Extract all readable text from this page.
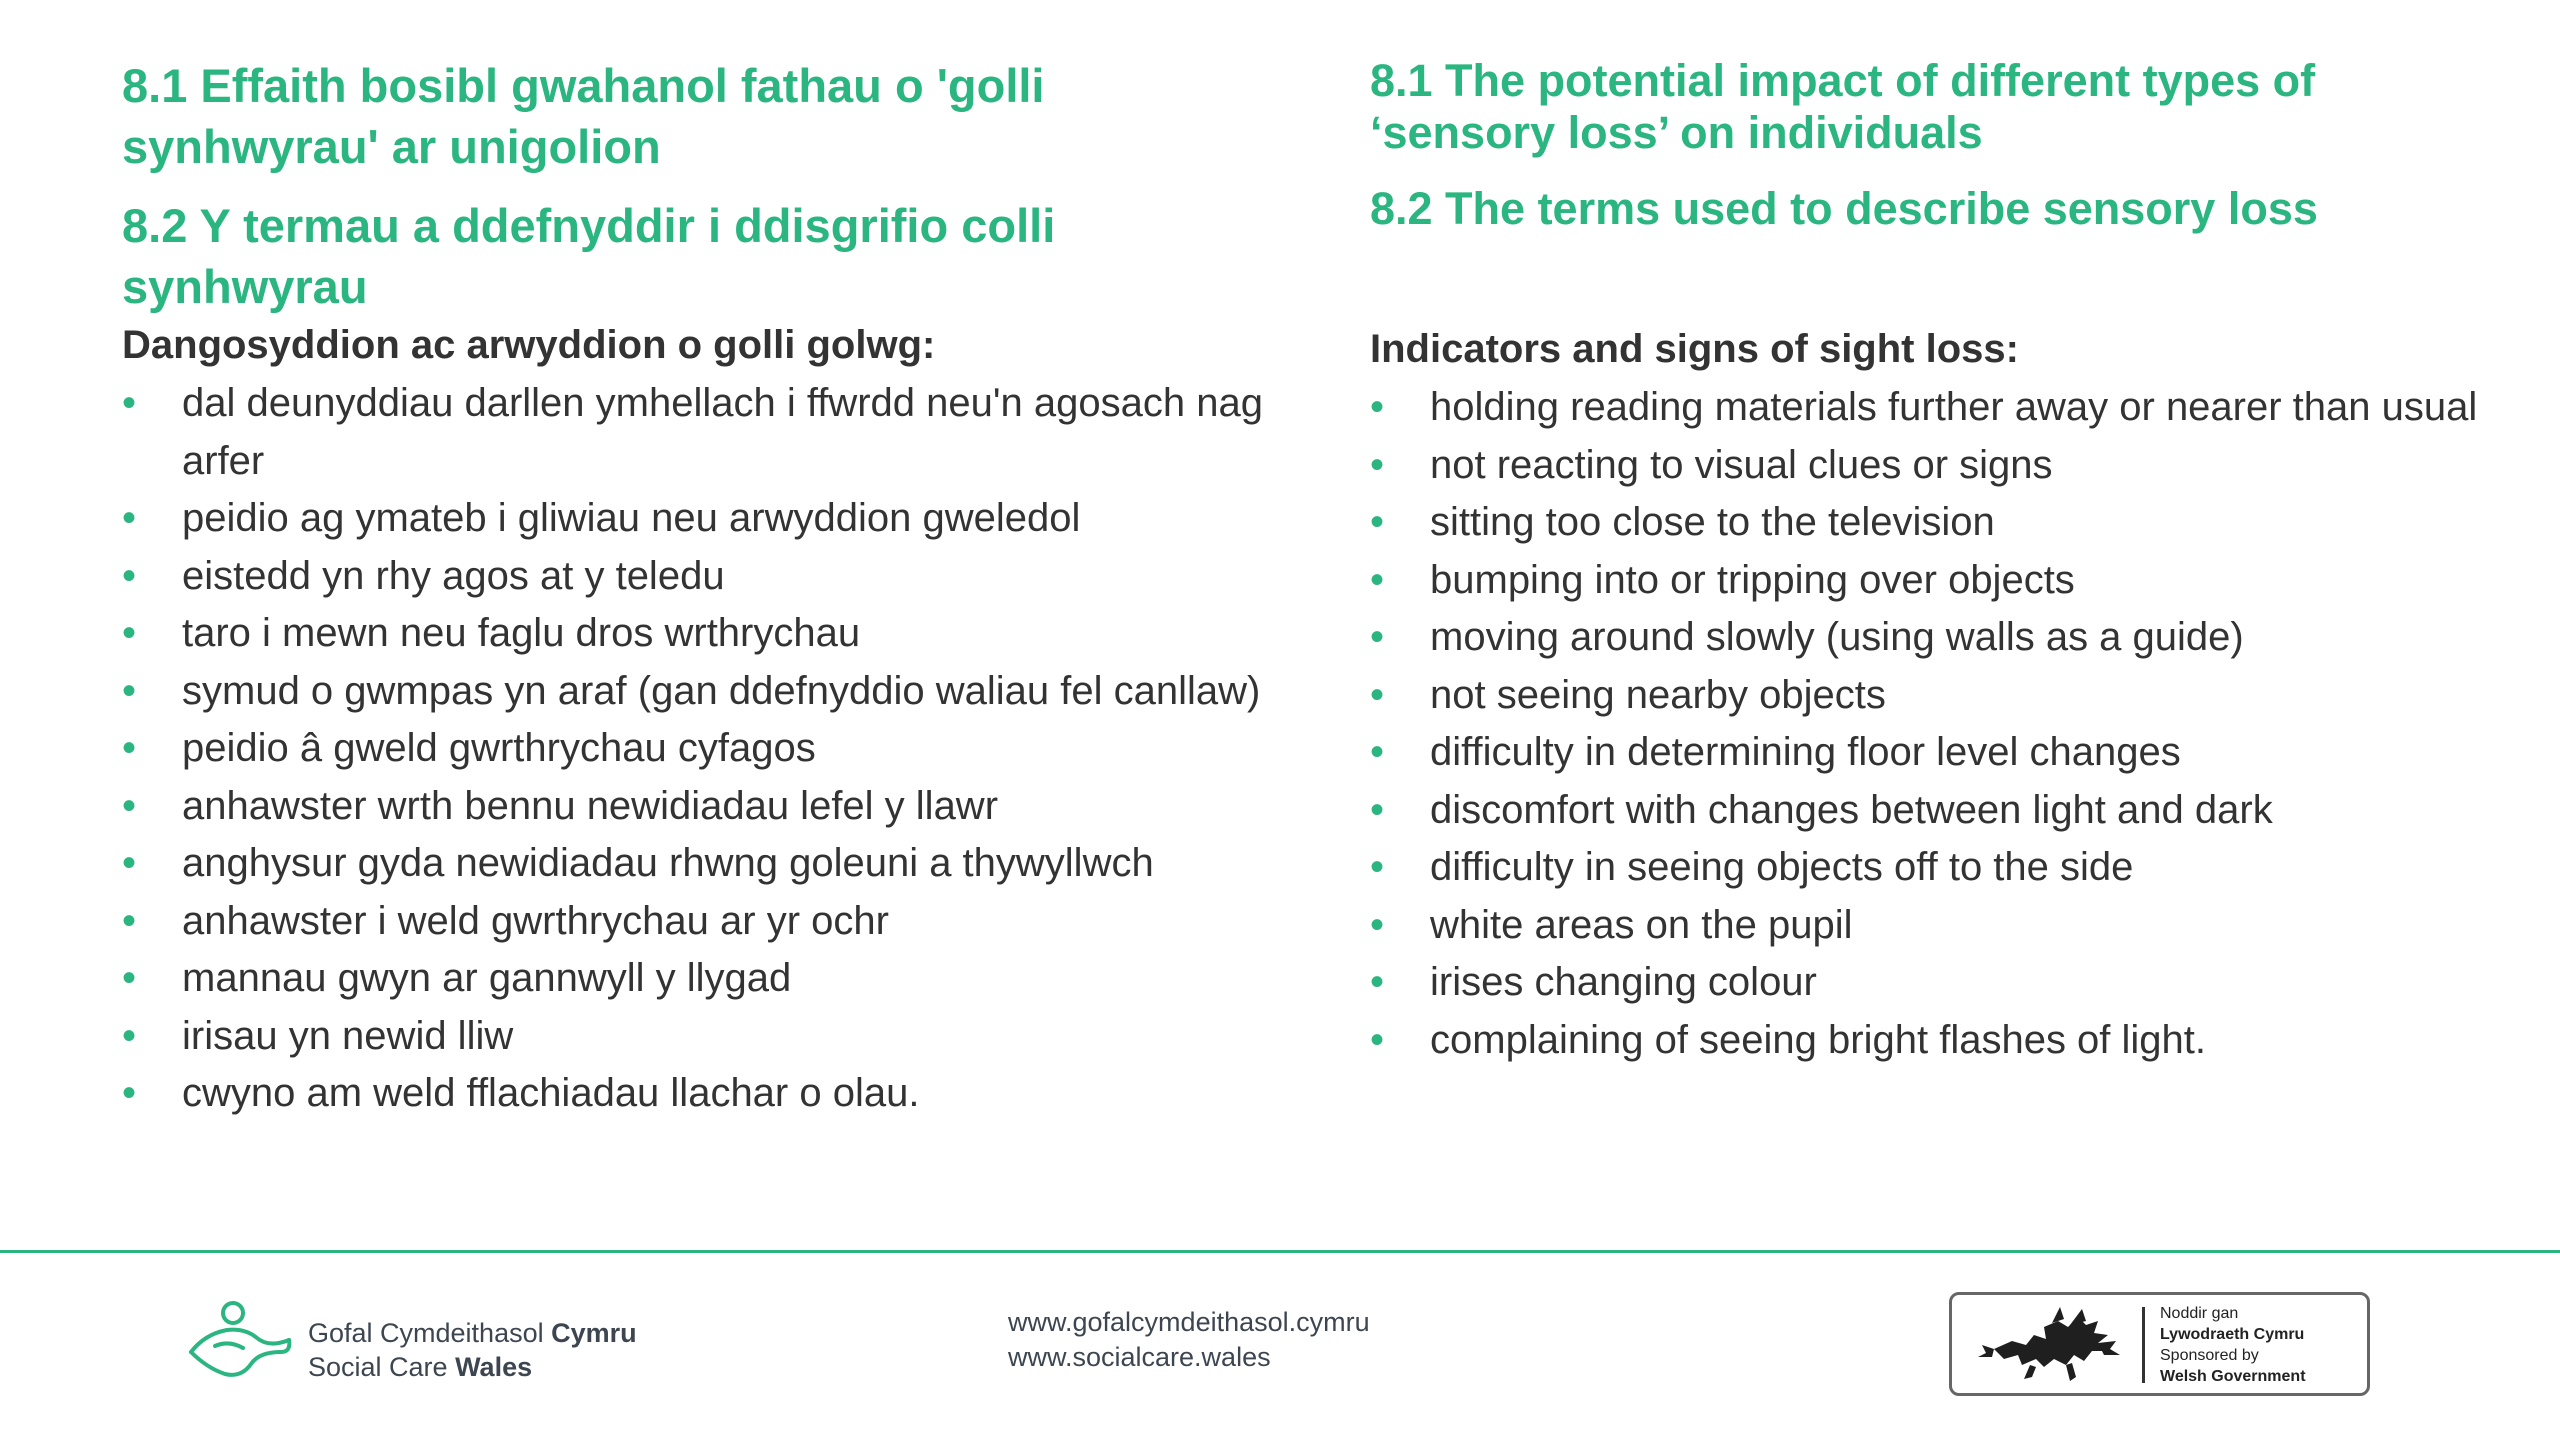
8.1 Effaith bosibl gwahanol fathau o 'golli synhwyrau' ar unigolion
8.2 Y termau a ddefnyddir i ddisgrifio colli synhwyrau

Dangosyddion ac arwyddion o golli golwg:

• dal deunyddiau darllen ymhellach i ffwrdd neu'n agosach nag arfer
• peidio ag ymateb i gliwiau neu arwyddion gweledol
• eistedd yn rhy agos at y teledu
• taro i mewn neu faglu dros wrthrychau
• symud o gwmpas yn araf (gan ddefnyddio waliau fel canllaw)
• peidio â gweld gwrthrychau cyfagos
• anhawster wrth bennu newidiadau lefel y llawr
• anghysur gyda newidiadau rhwng goleuni a thywyllwch
• anhawster i weld gwrthrychau ar yr ochr
• mannau gwyn ar gannwyll y llygad
• irisau yn newid lliw
• cwyno am weld fflachiadau llachar o olau.
8.1 The potential impact of different types of ‘sensory loss’ on individuals
8.2 The terms used to describe sensory loss

Indicators and signs of sight loss:

• holding reading materials further away or nearer than usual
• not reacting to visual clues or signs
• sitting too close to the television
• bumping into or tripping over objects
• moving around slowly (using walls as a guide)
• not seeing nearby objects
• difficulty in determining floor level changes
• discomfort with changes between light and dark
• difficulty in seeing objects off to the side
• white areas on the pupil
• irises changing colour
• complaining of seeing bright flashes of light.
Gofal Cymdeithasol Cymru
Social Care Wales
www.gofalcymdeithasol.cymru
www.socialcare.wales
Noddir gan
Lywodraeth Cymru
Sponsored by
Welsh Government
